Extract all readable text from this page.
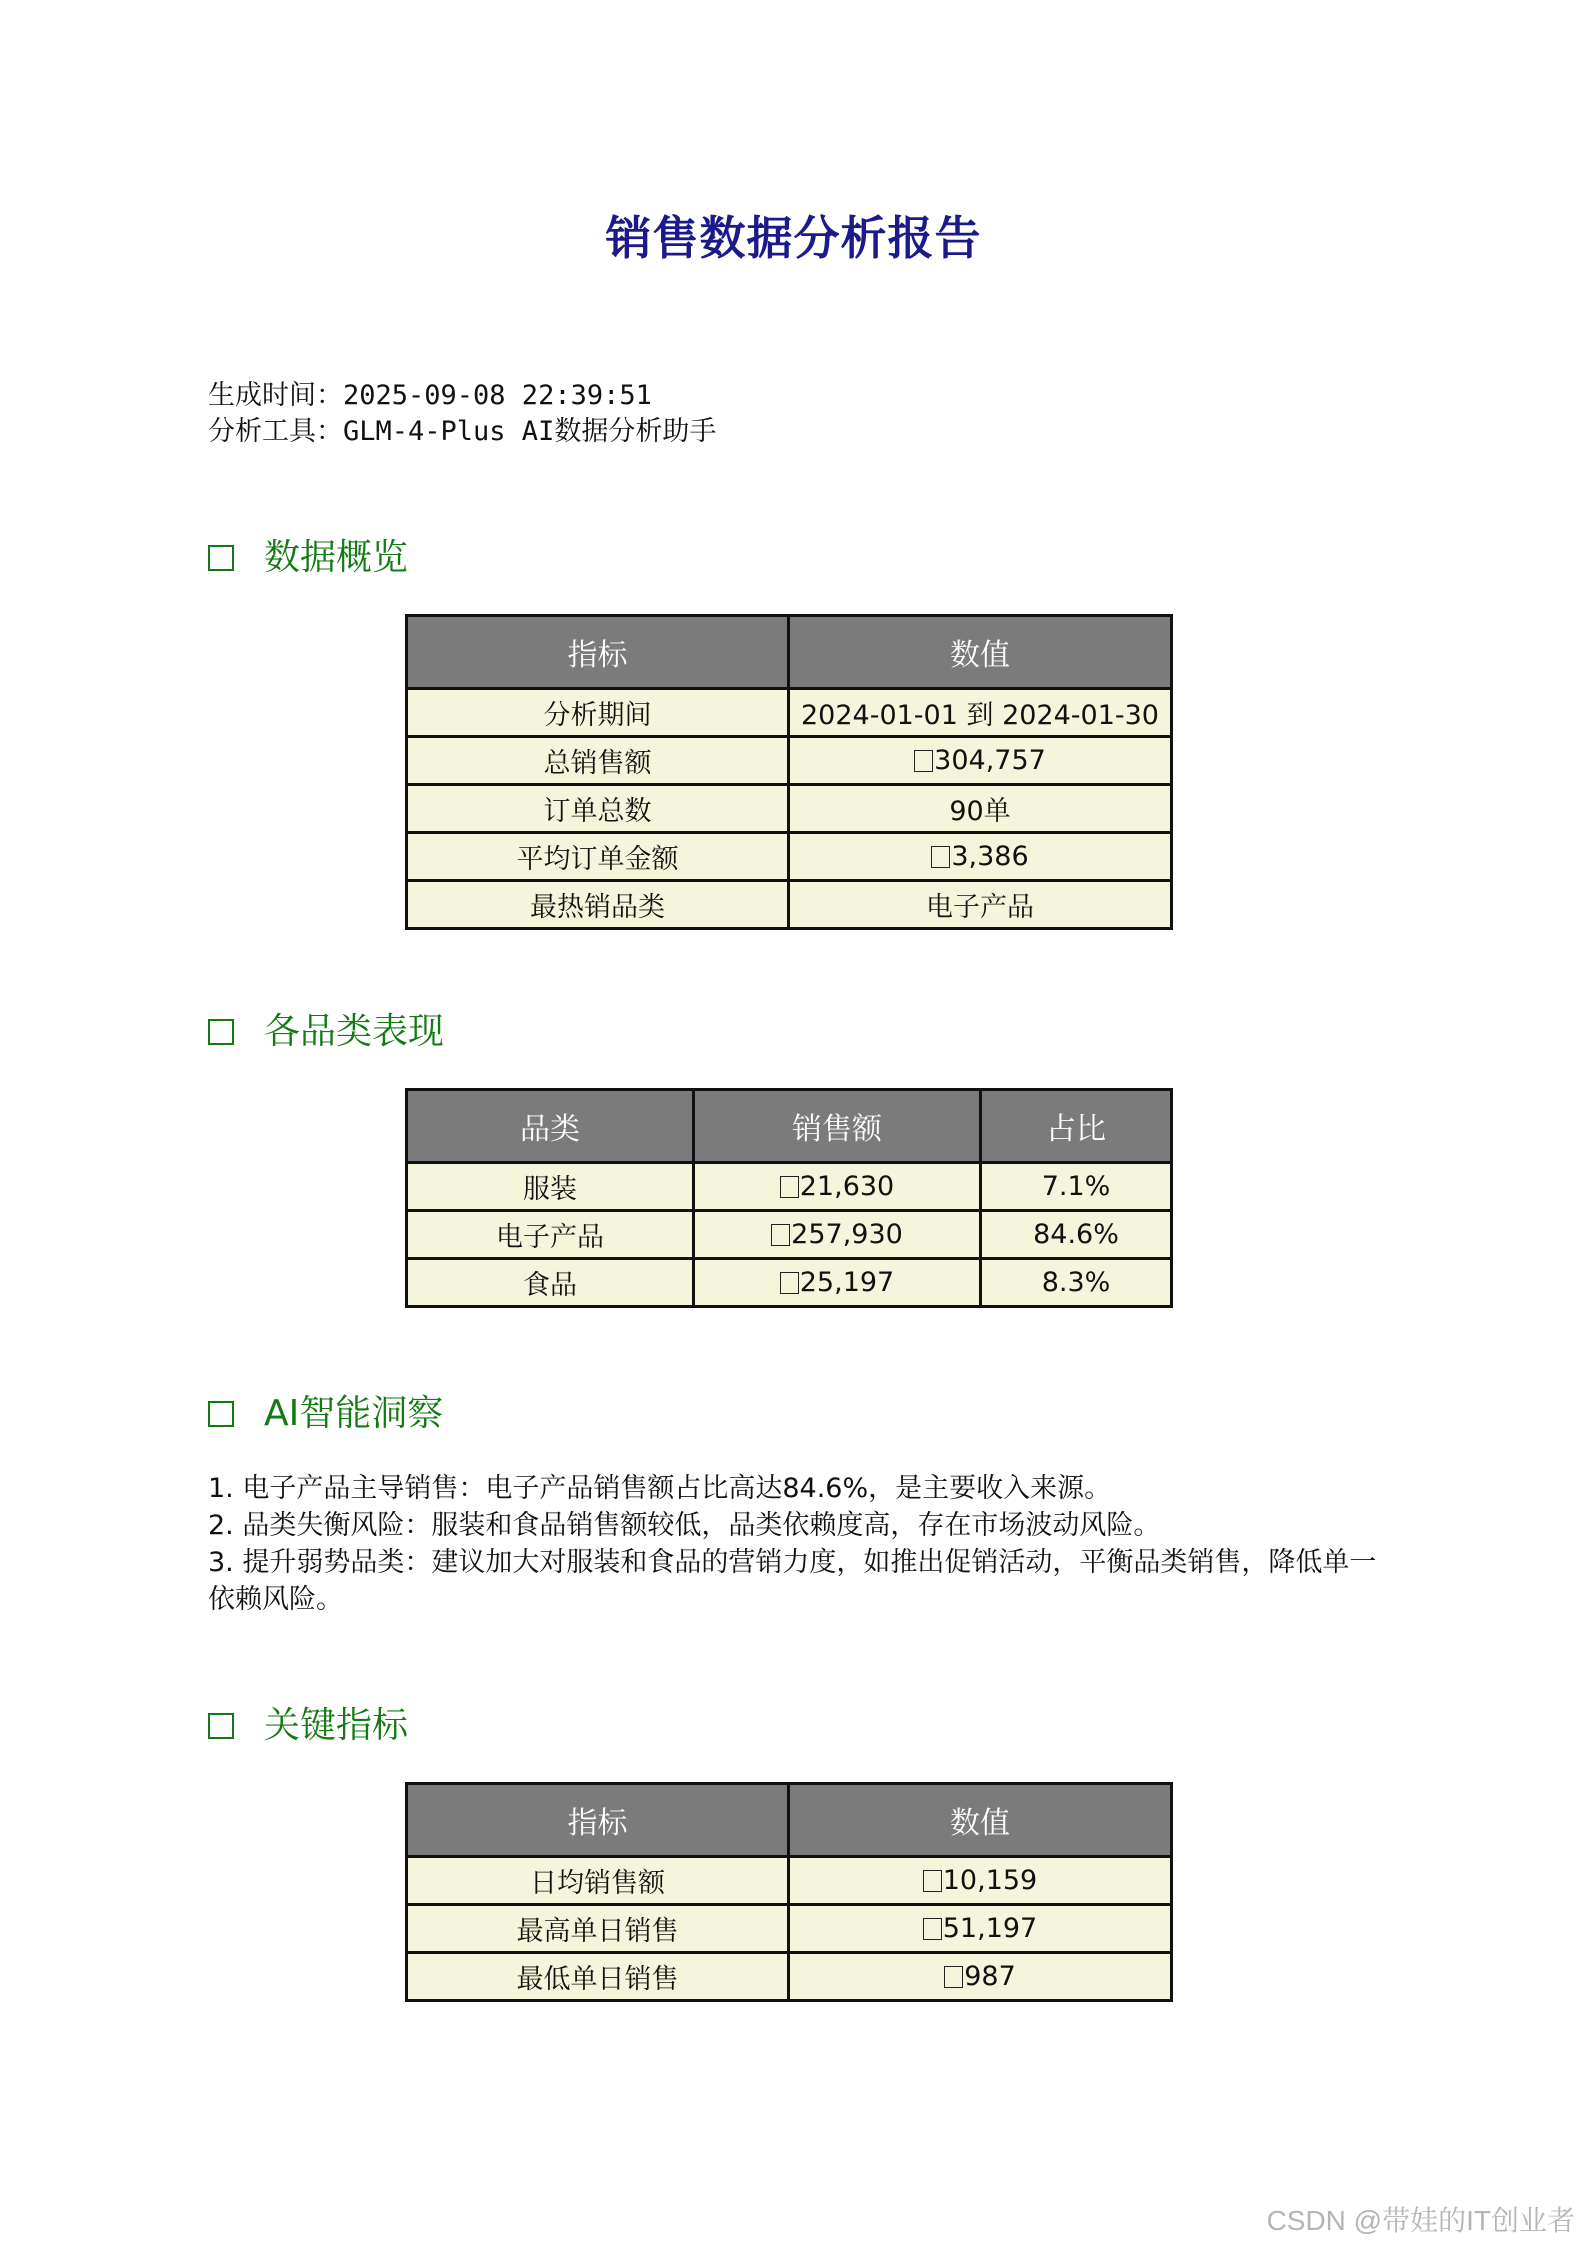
销售数据分析报告
生成时间：2025-09-08 22:39:51
分析工具：GLM-4-Plus AI数据分析助手
数据概览
指标	数值
分析期间	2024-01-01 到 2024-01-30
总销售额	304,757
订单总数	90单
平均订单金额	3,386
最热销品类	电子产品
各品类表现
品类	销售额	占比
服装	21,630	7.1%
电子产品	257,930	84.6%
食品	25,197	8.3%
AI智能洞察

1. 电子产品主导销售：电子产品销售额占比高达84.6%，是主要收入来源。

2. 品类失衡风险：服装和食品销售额较低，品类依赖度高，存在市场波动风险。

3. 提升弱势品类：建议加大对服装和食品的营销力度，如推出促销活动，平衡品类销售，降低单一依赖风险。

关键指标
指标	数值
日均销售额	10,159
最高单日销售	51,197
最低单日销售	987
CSDN @带娃的IT创业者
